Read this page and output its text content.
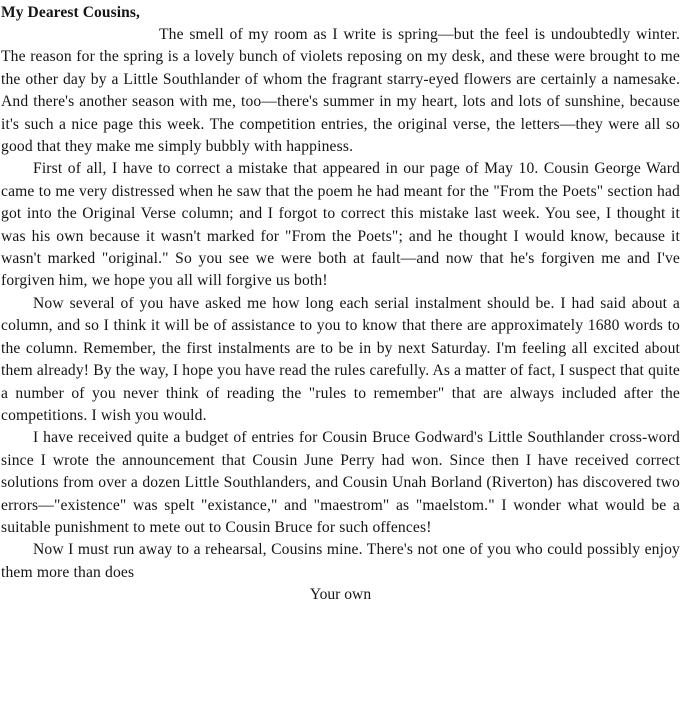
My Dearest Cousins,

The smell of my room as I write is spring—but the feel is undoubtedly winter. The reason for the spring is a lovely bunch of violets reposing on my desk, and these were brought to me the other day by a Little Southlander of whom the fragrant starry-eyed flowers are certainly a namesake. And there's another season with me, too—there's summer in my heart, lots and lots of sunshine, because it's such a nice page this week. The competition entries, the original verse, the letters—they were all so good that they make me simply bubbly with happiness.

First of all, I have to correct a mistake that appeared in our page of May 10. Cousin George Ward came to me very distressed when he saw that the poem he had meant for the "From the Poets" section had got into the Original Verse column; and I forgot to correct this mistake last week. You see, I thought it was his own because it wasn't marked for "From the Poets"; and he thought I would know, because it wasn't marked "original." So you see we were both at fault—and now that he's forgiven me and I've forgiven him, we hope you all will forgive us both!

Now several of you have asked me how long each serial instalment should be. I had said about a column, and so I think it will be of assistance to you to know that there are approximately 1680 words to the column. Remember, the first instalments are to be in by next Saturday. I'm feeling all excited about them already! By the way, I hope you have read the rules carefully. As a matter of fact, I suspect that quite a number of you never think of reading the "rules to remember" that are always included after the competitions. I wish you would.

I have received quite a budget of entries for Cousin Bruce Godward's Little Southlander cross-word since I wrote the announcement that Cousin June Perry had won. Since then I have received correct solutions from over a dozen Little Southlanders, and Cousin Unah Borland (Riverton) has discovered two errors—"existence" was spelt "existance," and "maestrom" as "maelstom." I wonder what would be a suitable punishment to mete out to Cousin Bruce for such offences!

Now I must run away to a rehearsal, Cousins mine. There's not one of you who could possibly enjoy them more than does

Your own
